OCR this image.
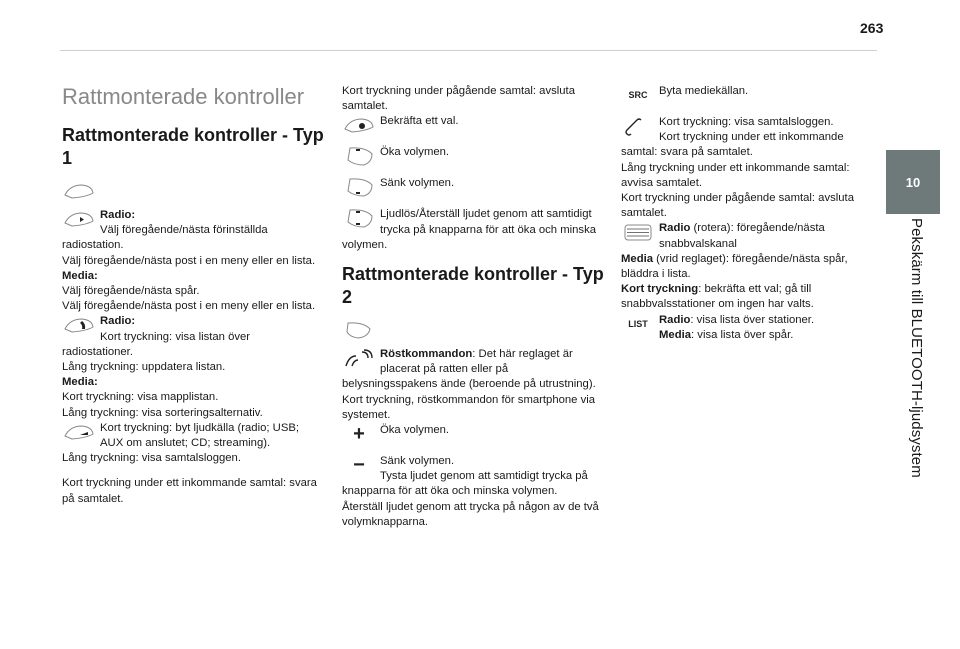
263
10
Pekskärm till BLUETOOTH-ljudsystem
Rattmonterade kontroller
Rattmonterade kontroller - Typ 1
Radio:
Välj föregående/nästa förinställda radiostation.
Välj föregående/nästa post i en meny eller en lista.
Media:
Välj föregående/nästa spår.
Välj föregående/nästa post i en meny eller en lista.
Radio:
Kort tryckning: visa listan över radiostationer.
Lång tryckning: uppdatera listan.
Media:
Kort tryckning: visa mapplistan.
Lång tryckning: visa sorteringsalternativ.
Kort tryckning: byt ljudkälla (radio; USB; AUX om anslutet; CD; streaming).
Lång tryckning: visa samtalsloggen.
Kort tryckning under ett inkommande samtal: svara på samtalet.
Kort tryckning under pågående samtal: avsluta samtalet.
Bekräfta ett val.
Öka volymen.
Sänk volymen.
Ljudlös/Återställ ljudet genom att samtidigt trycka på knapparna för att öka och minska volymen.
Rattmonterade kontroller - Typ 2
Röstkommandon: Det här reglaget är placerat på ratten eller på belysningsspakens ände (beroende på utrustning).
Kort tryckning, röstkommandon för smartphone via systemet.
+	Öka volymen.
−	Sänk volymen.
Tysta ljudet genom att samtidigt trycka på knapparna för att öka och minska volymen.
Återställ ljudet genom att trycka på någon av de två volymknapparna.
SRC	Byta mediekällan.
Kort tryckning: visa samtalsloggen.
Kort tryckning under ett inkommande samtal: svara på samtalet.
Lång tryckning under ett inkommande samtal: avvisa samtalet.
Kort tryckning under pågående samtal: avsluta samtalet.
Radio (rotera): föregående/nästa snabbvalskanal
Media (vrid reglaget): föregående/nästa spår, bläddra i lista.
Kort tryckning: bekräfta ett val; gå till snabbvalsstationer om ingen har valts.
LIST Radio: visa lista över stationer.
Media: visa lista över spår.
